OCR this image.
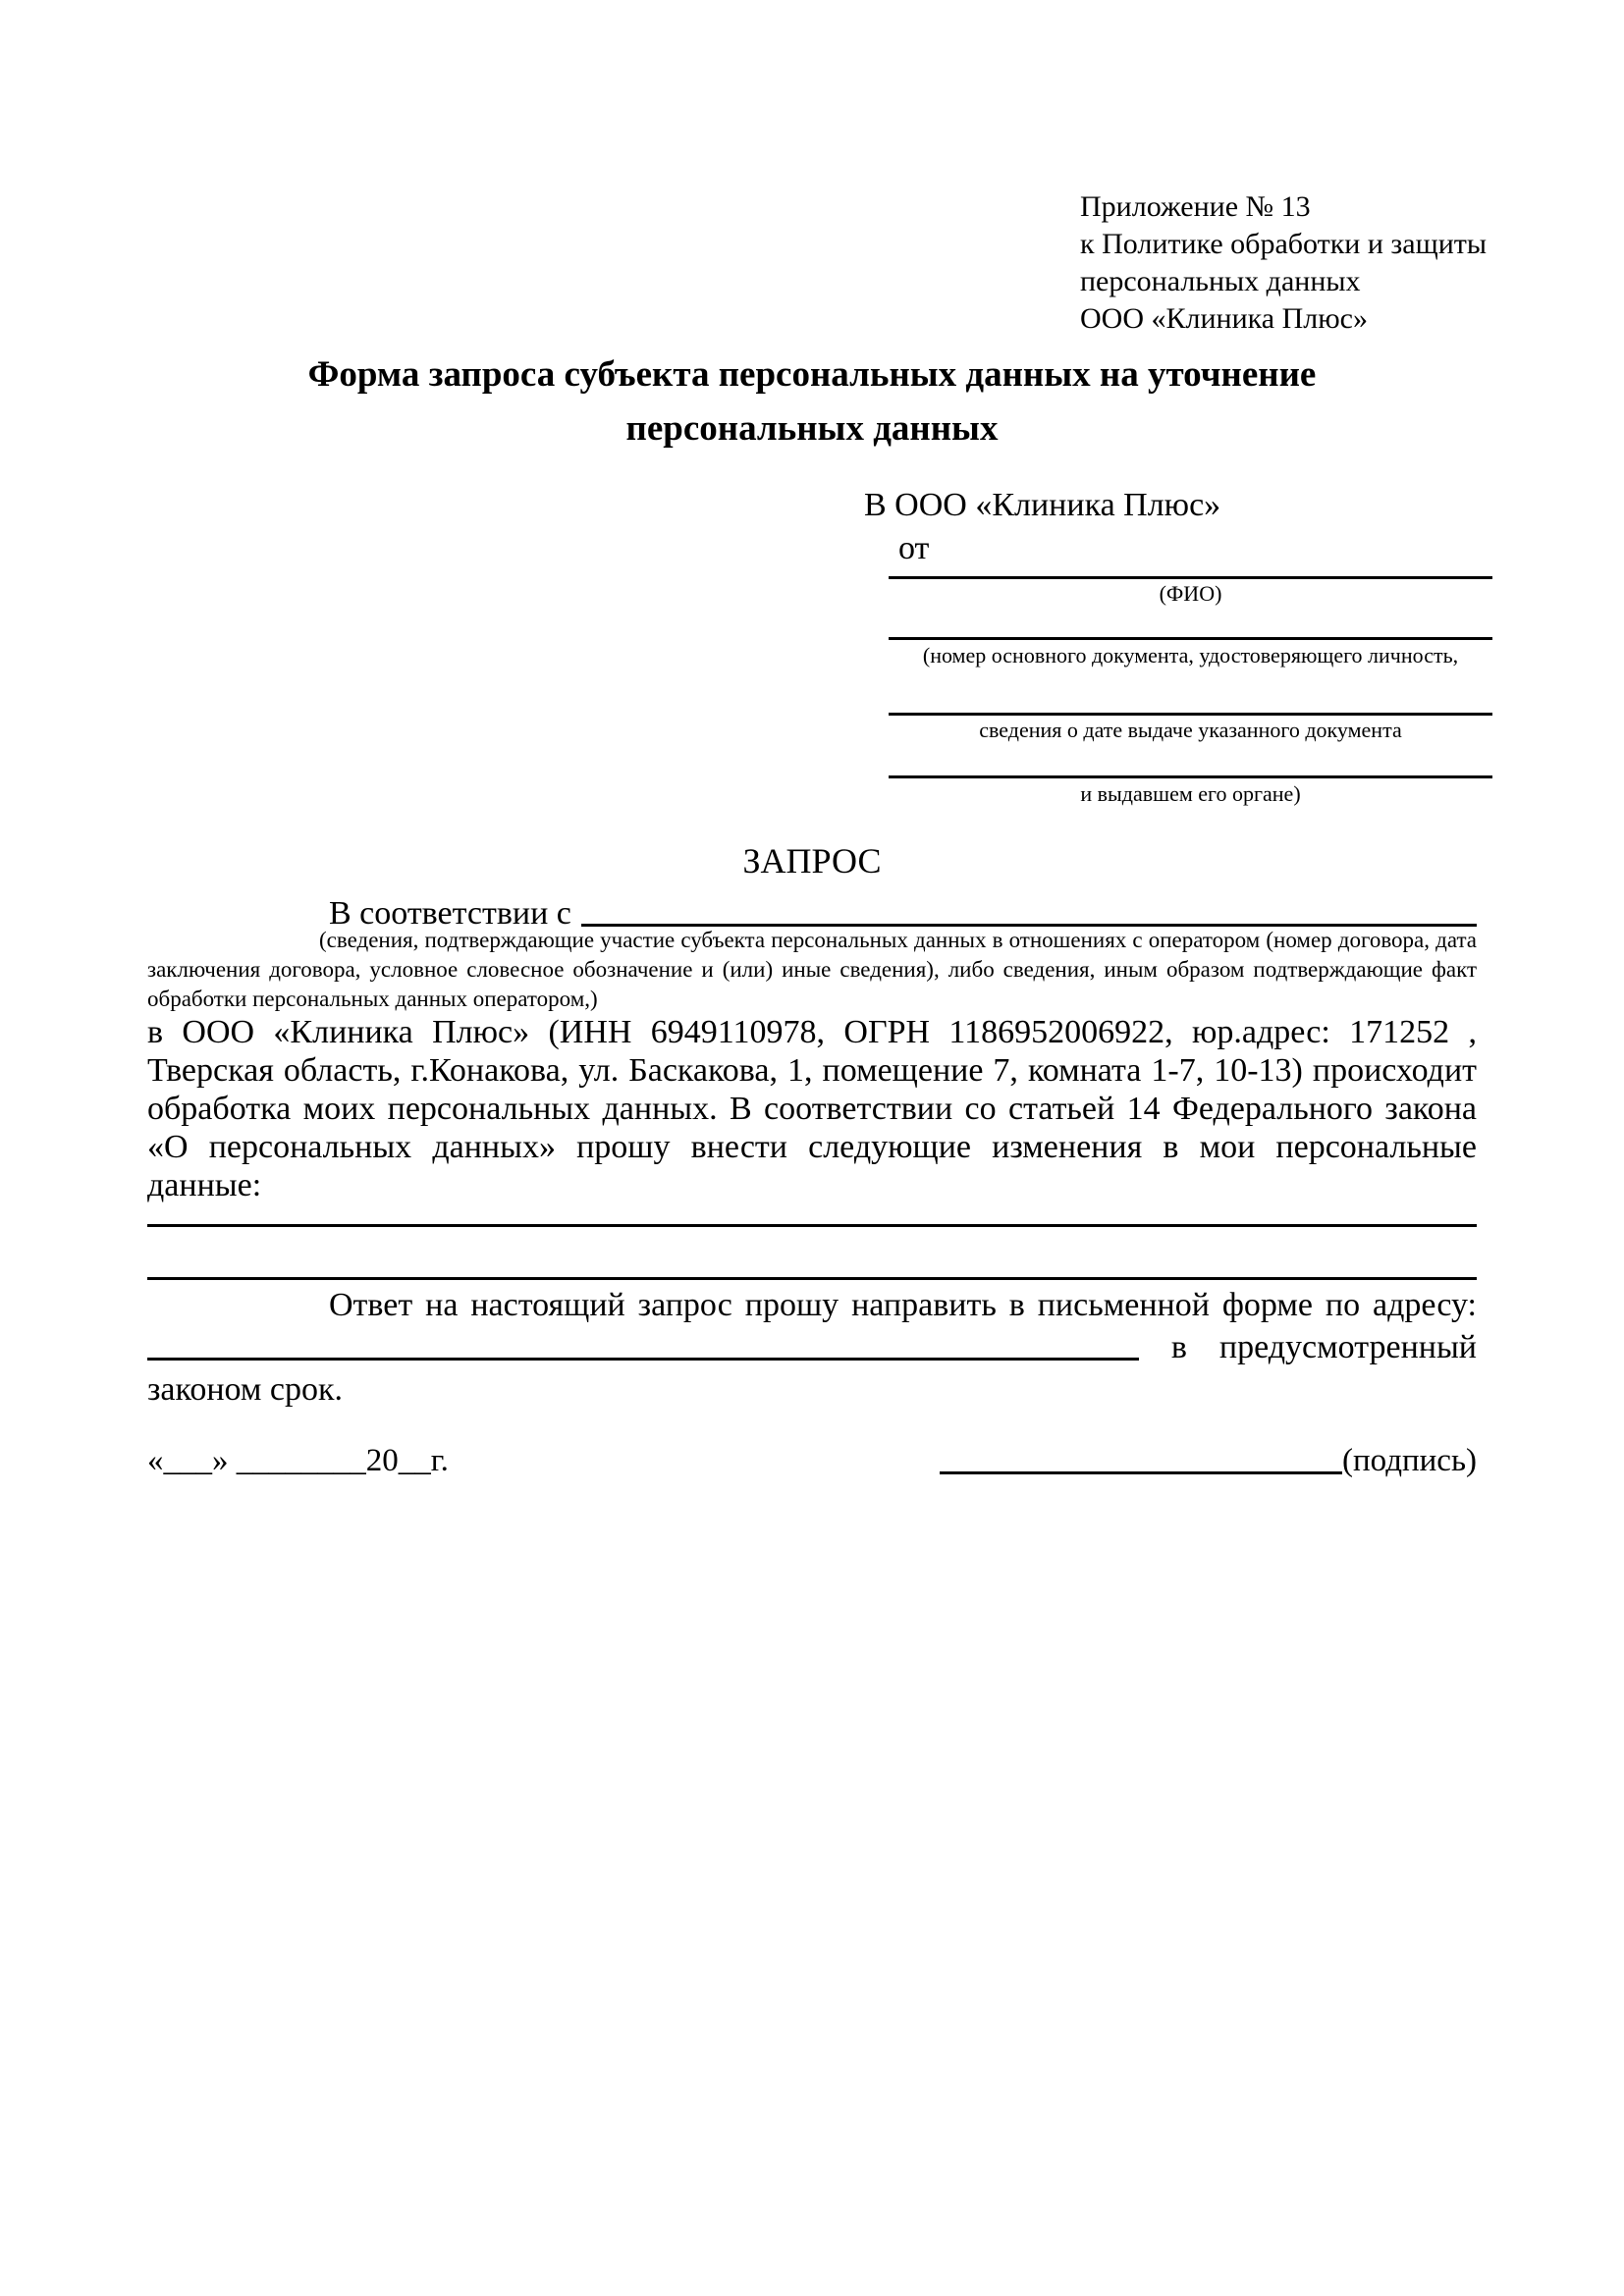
Приложение № 13
к Политике обработки и защиты
персональных данных
ООО «Клиника Плюс»
Форма запроса субъекта персональных данных на уточнение персональных данных
В ООО «Клиника Плюс»
от
(ФИО)
(номер основного документа, удостоверяющего личность,
сведения о дате выдаче указанного документа
и выдавшем его органе)
ЗАПРОС
В соответствии с
(сведения, подтверждающие участие субъекта персональных данных в отношениях с оператором (номер договора, дата заключения договора, условное словесное обозначение и (или) иные сведения), либо сведения, иным образом подтверждающие факт обработки персональных данных оператором,)
в ООО «Клиника Плюс» (ИНН 6949110978, ОГРН 1186952006922, юр.адрес: 171252 , Тверская область, г.Конакова, ул. Баскакова, 1, помещение 7, комната 1-7, 10-13) происходит обработка моих персональных данных. В соответствии со статьей 14 Федерального закона «О персональных данных» прошу внести следующие изменения в мои персональные данные:
Ответ на настоящий запрос прошу направить в письменной форме по адресу:
в предусмотренный
законом срок.
«___» ________20__г.	(подпись)
